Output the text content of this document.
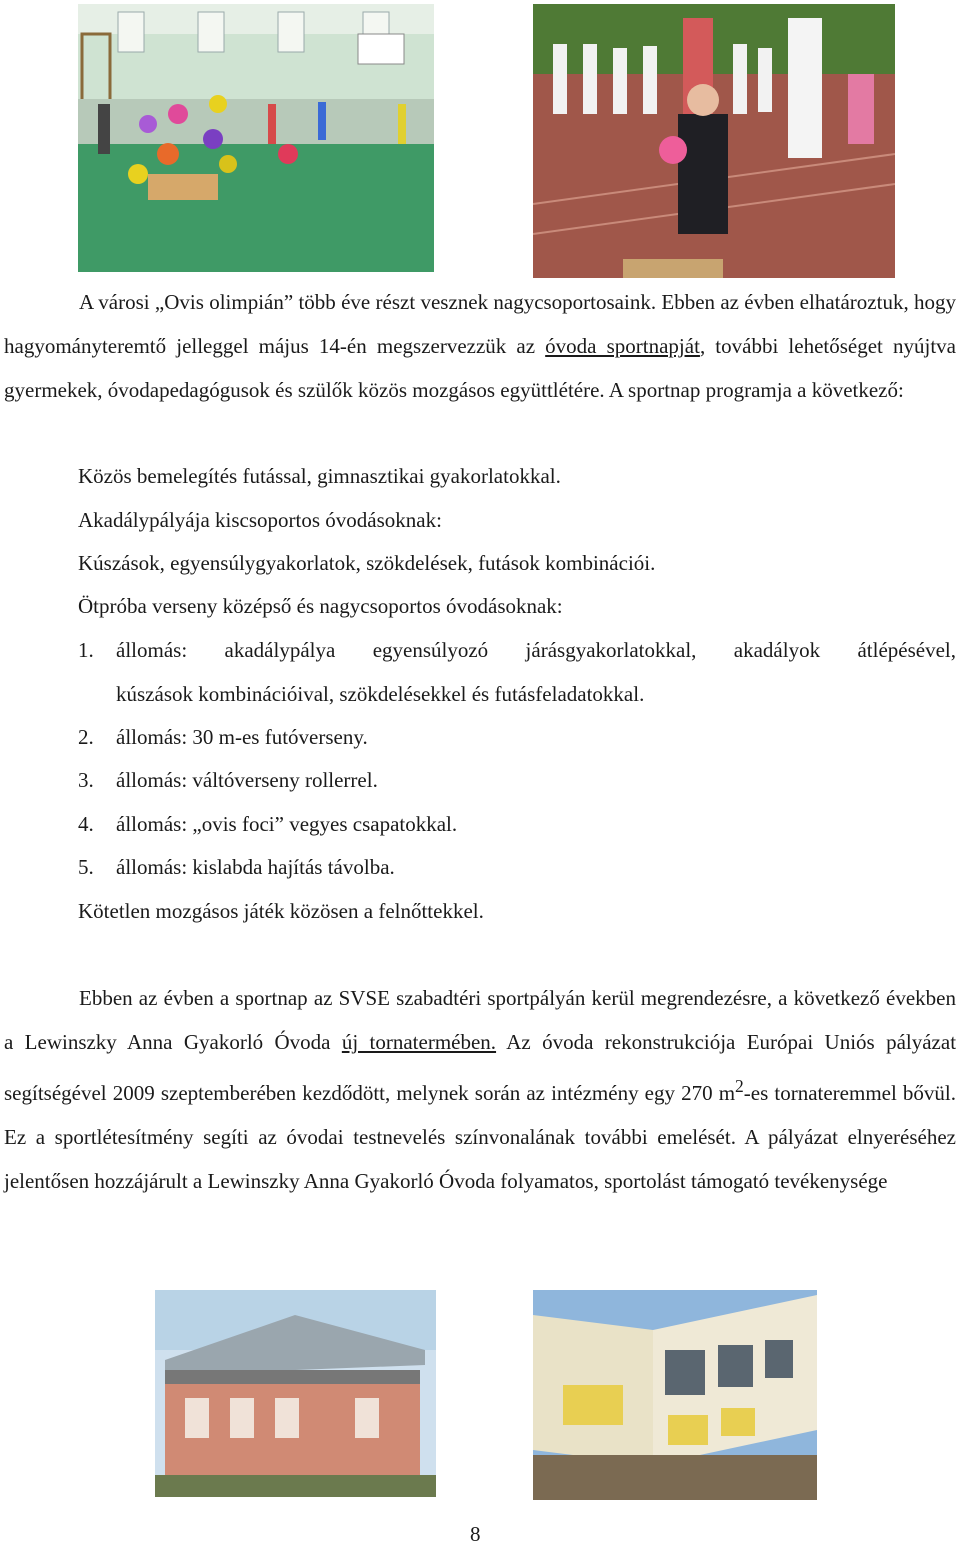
A városi „Ovis olimpián” több éve részt vesznek nagycsoportosaink. Ebben az évben elhatároztuk, hogy hagyományteremtő jelleggel május 14-én megszervezzük az óvoda sportnapját, további lehetőséget nyújtva gyermekek, óvodapedagógusok és szülők közös mozgásos együttlétére. A sportnap programja a következő:
Közös bemelegítés futással, gimnasztikai gyakorlatokkal.
Akadálypályája kiscsoportos óvodásoknak:
Kúszások, egyensúlygyakorlatok, szökdelések, futások kombinációi.
Ötpróba verseny középső és nagycsoportos óvodásoknak:
1. állomás: akadálypálya egyensúlyozó járásgyakorlatokkal, akadályok átlépésével,
kúszások kombinációival, szökdelésekkel és futásfeladatokkal.
2. állomás: 30 m-es futóverseny.
3. állomás: váltóverseny rollerrel.
4. állomás: „ovis foci” vegyes csapatokkal.
5. állomás: kislabda hajítás távolba.
Kötetlen mozgásos játék közösen a felnőttekkel.
Ebben az évben a sportnap az SVSE szabadtéri sportpályán kerül megrendezésre, a következő években a Lewinszky Anna Gyakorló Óvoda új tornatermében. Az óvoda rekonstrukciója Európai Uniós pályázat segítségével 2009 szeptemberében kezdődött, melynek során az intézmény egy 270 $m^2-es$ tornateremmel bővül. Ez a sportlétesítmény segíti az óvodai testnevelés színvonalának további emelését. A pályázat elnyeréséhez jelentősen hozzájárult a Lewinszky Anna Gyakorló Óvoda folyamatos, sportolást támogató tevékenysége
8
